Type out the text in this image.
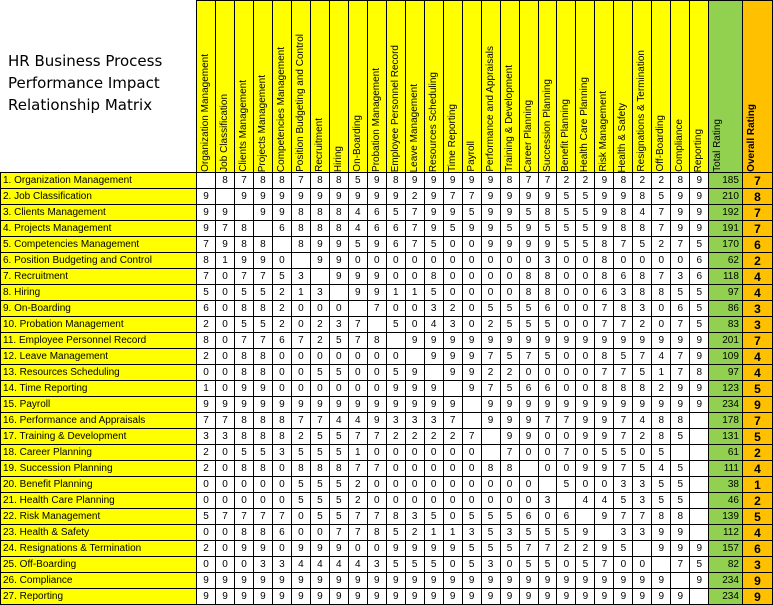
	Organization Management	Job Classification	Clients Management	Projects Management	Competencies Management	Position Budgeting and Control	Recruitment	Hiring	On-Boarding	Probation Management	Employee Personnel Record	Leave Management	Resources Scheduling	Time Reporting	Payroll	Performance and Appraisals	Training & Development	Career Planning	Succession Planning	Benefit Planning	Health Care Planning	Risk Management	Health & Safety	Resignations & Termination	Off-Boarding	Compliance	Reporting	Total Rating	Overall Rating

1. Organization Management		8	7	8	8	7	8	8	5	9	8	9	9	9	9	9	8	7	7	2	2	9	8	2	2	8	9	185	7
2. Job Classification	9		9	9	9	9	9	9	9	9	9	2	9	7	7	9	9	9	9	5	5	9	9	8	5	9	9	210	8
3. Clients Management	9	9		9	9	8	8	8	4	6	5	7	9	9	5	9	9	5	8	5	5	9	8	4	7	9	9	192	7
4. Projects Management	9	7	8		6	8	8	8	4	6	6	7	9	5	9	9	5	9	5	5	5	9	8	8	7	9	9	191	7
5. Competencies Management	7	9	8	8		8	9	9	5	9	6	7	5	0	0	9	9	9	9	5	5	8	7	5	2	7	5	170	6
6. Position Budgeting and Control	8	1	9	9	0		9	9	0	0	0	0	0	0	0	0	0	0	3	0	0	8	0	0	0	0	6	62	2
7. Recruitment	7	0	7	7	5	3		9	9	9	0	0	8	0	0	0	0	8	8	0	0	8	6	8	7	3	6	118	4
8. Hiring	5	0	5	5	2	1	3		9	9	1	1	5	0	0	0	0	8	8	0	0	6	3	8	8	5	5	97	4
9. On-Boarding	6	0	8	8	2	0	0	0		7	0	0	3	2	0	5	5	5	6	0	0	7	8	3	0	6	5	86	3
10. Probation Management	2	0	5	5	2	0	2	3	7		5	0	4	3	0	2	5	5	5	0	0	7	7	2	0	7	5	83	3
11. Employee Personnel Record	8	0	7	7	6	7	2	5	7	8		9	9	9	9	9	9	9	9	9	9	9	9	9	9	9	9	201	7
12. Leave Management	2	0	8	8	0	0	0	0	0	0	0		9	9	9	7	5	7	5	0	0	8	5	7	4	7	9	109	4
13. Resources Scheduling	0	0	8	8	0	0	5	5	0	0	5	9		9	9	2	2	0	0	0	0	7	7	5	1	7	8	97	4
14. Time Reporting	1	0	9	9	0	0	0	0	0	0	9	9	9		9	7	5	6	6	0	0	8	8	8	2	9	9	123	5
15. Payroll	9	9	9	9	9	9	9	9	9	9	9	9	9	9		9	9	9	9	9	9	9	9	9	9	9	9	234	9
16. Performance and Appraisals	7	7	8	8	8	7	7	4	4	9	3	3	3	7		9	9	9	7	7	9	9	7	4	8	8		178	7
17. Training & Development	3	3	8	8	8	2	5	5	7	7	2	2	2	2	7		9	9	0	0	9	9	7	2	8	5		131	5
18. Career Planning	2	0	5	5	3	5	5	5	1	0	0	0	0	0	0		7	0	0	7	0	5	5	0	5			61	2
19. Succession Planning	2	0	8	8	0	8	8	8	7	7	0	0	0	0	0	8	8		0	0	9	9	7	5	4	5		111	4
20. Benefit Planning	0	0	0	0	0	5	5	5	2	0	0	0	0	0	0	0	0	0		5	0	0	3	3	5	5		38	1
21. Health Care Planning	0	0	0	0	0	5	5	5	2	0	0	0	0	0	0	0	0	0	3		4	4	5	3	5	5		46	2
22. Risk Management	5	7	7	7	7	0	5	5	7	7	8	3	5	0	5	5	5	6	0	6		9	7	7	8	8		139	5
23. Health & Safety	0	0	8	8	6	0	0	7	7	8	5	2	1	1	3	5	3	5	5	5	9		3	3	9	9		112	4
24. Resignations & Termination	2	0	9	9	0	9	9	9	0	0	9	9	9	9	5	5	5	7	7	2	2	9	5		9	9	9	157	6
25. Off-Boarding	0	0	0	3	3	4	4	4	4	3	5	5	5	0	5	3	0	5	5	0	5	7	0	0		7	5	82	3
26. Compliance	9	9	9	9	9	9	9	9	9	9	9	9	9	9	9	9	9	9	9	9	9	9	9	9	9		9	234	9
27. Reporting	9	9	9	9	9	9	9	9	9	9	9	9	9	9	9	9	9	9	9	9	9	9	9	9	9	9		234	9
HR Business Process Performance Impact Relationship Matrix
